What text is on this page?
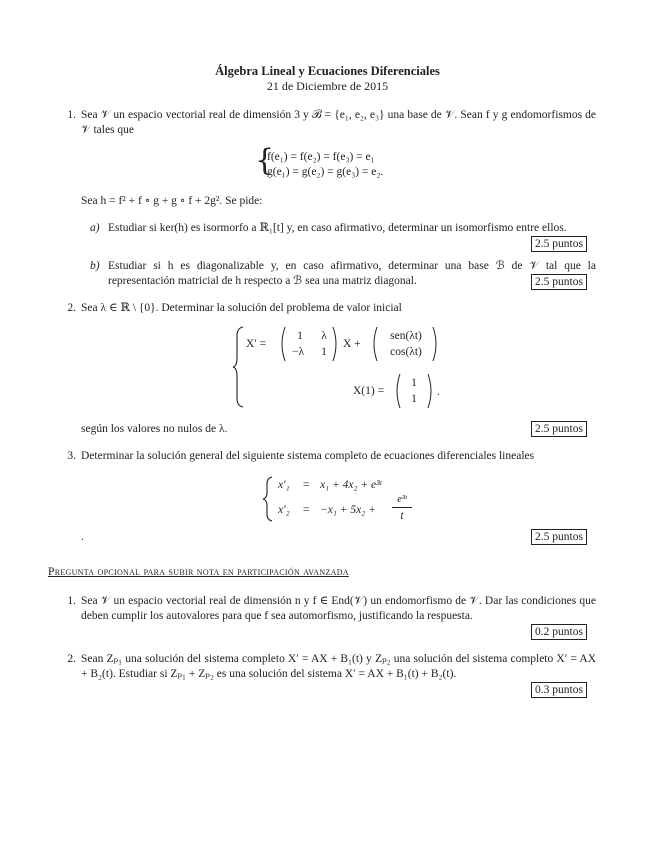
Álgebra Lineal y Ecuaciones Diferenciales
21 de Diciembre de 2015
1. Sea 𝒱 un espacio vectorial real de dimensión 3 y ℬ = {e₁, e₂, e₃} una base de 𝒱. Sean f y g endomorfismos de 𝒱 tales que
{
f(e₁) = f(e₂) = f(e₃) = e₁
g(e₁) = g(e₂) = g(e₃) = e₂.
Sea h = f² + f ∘ g + g ∘ f + 2g². Se pide:
a) Estudiar si ker(h) es isormorfo a ℝ₁[t] y, en caso afirmativo, determinar un isomorfismo entre ellos.
2.5 puntos
b) Estudiar si h es diagonalizable y, en caso afirmativo, determinar una base ℬ de 𝒱 tal que la representación matricial de h respecto a ℬ sea una matriz diagonal.	2.5 puntos
2. Sea λ ∈ ℝ \ {0}. Determinar la solución del problema de valor inicial
X′ =
1	λ
−λ	1
X +
sen(λt)
cos(λt)
X(1) =
1
1
.
según los valores no nulos de λ.	2.5 puntos
3. Determinar la solución general del siguiente sistema completo de ecuaciones diferenciales lineales
x′₁ = x₁ + 4x₂ + e³ᵗ
x′₂ = −x₁ + 5x₂ +
e³ᵗ
t
.	2.5 puntos
Pregunta opcional para subir nota en participación avanzada
1. Sea 𝒱 un espacio vectorial real de dimensión n y f ∈ End(𝒱) un endomorfismo de 𝒱. Dar las condiciones que deben cumplir los autovalores para que f sea automorfismo, justificando la respuesta.
0.2 puntos
2. Sean Zₚ₁ una solución del sistema completo X′ = AX + B₁(t) y Zₚ₂ una solución del sistema completo X′ = AX + B₂(t). Estudiar si Zₚ₁ + Zₚ₂ es una solución del sistema X′ = AX + B₁(t) + B₂(t).
0.3 puntos
